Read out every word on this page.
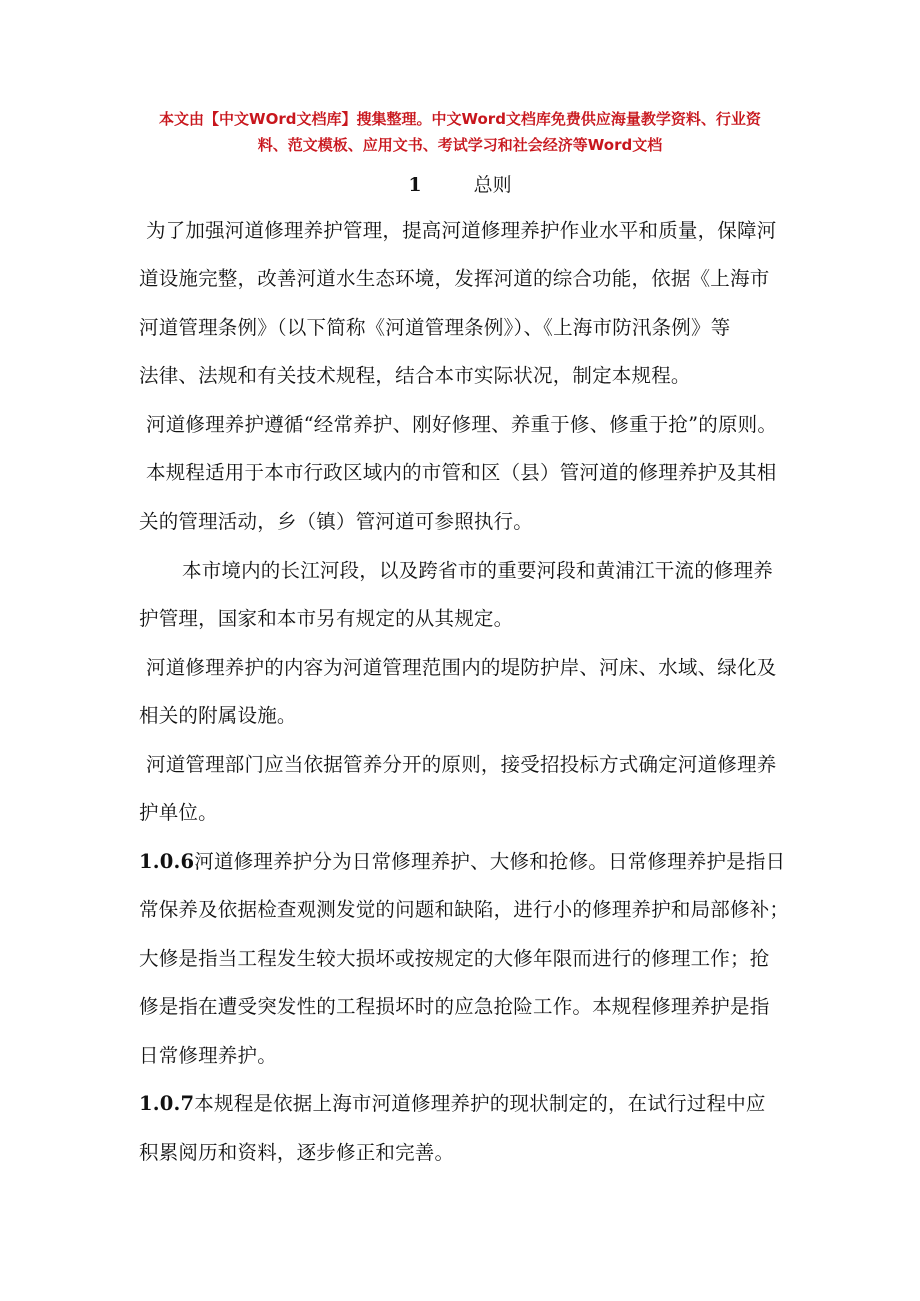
本文由【中文WOrd文档库】搜集整理。中文Word文档库免费供应海量教学资料、行业资
料、范文模板、应用文书、考试学习和社会经济等Word文档
1	总则
为了加强河道修理养护管理，提高河道修理养护作业水平和质量，保障河
道设施完整，改善河道水生态环境，发挥河道的综合功能，依据《上海市
河道管理条例》（以下简称《河道管理条例》）、《上海市防汛条例》等
法律、法规和有关技术规程，结合本市实际状况，制定本规程。
河道修理养护遵循“经常养护、刚好修理、养重于修、修重于抢”的原则。
本规程适用于本市行政区域内的市管和区（县）管河道的修理养护及其相
关的管理活动，乡（镇）管河道可参照执行。
本市境内的长江河段，以及跨省市的重要河段和黄浦江干流的修理养
护管理，国家和本市另有规定的从其规定。
河道修理养护的内容为河道管理范围内的堤防护岸、河床、水域、绿化及
相关的附属设施。
河道管理部门应当依据管养分开的原则，接受招投标方式确定河道修理养
护单位。
1.0.6河道修理养护分为日常修理养护、大修和抢修。日常修理养护是指日
常保养及依据检查观测发觉的问题和缺陷，进行小的修理养护和局部修补；
大修是指当工程发生较大损坏或按规定的大修年限而进行的修理工作；抢
修是指在遭受突发性的工程损坏时的应急抢险工作。本规程修理养护是指
日常修理养护。
1.0.7本规程是依据上海市河道修理养护的现状制定的，在试行过程中应
积累阅历和资料，逐步修正和完善。
